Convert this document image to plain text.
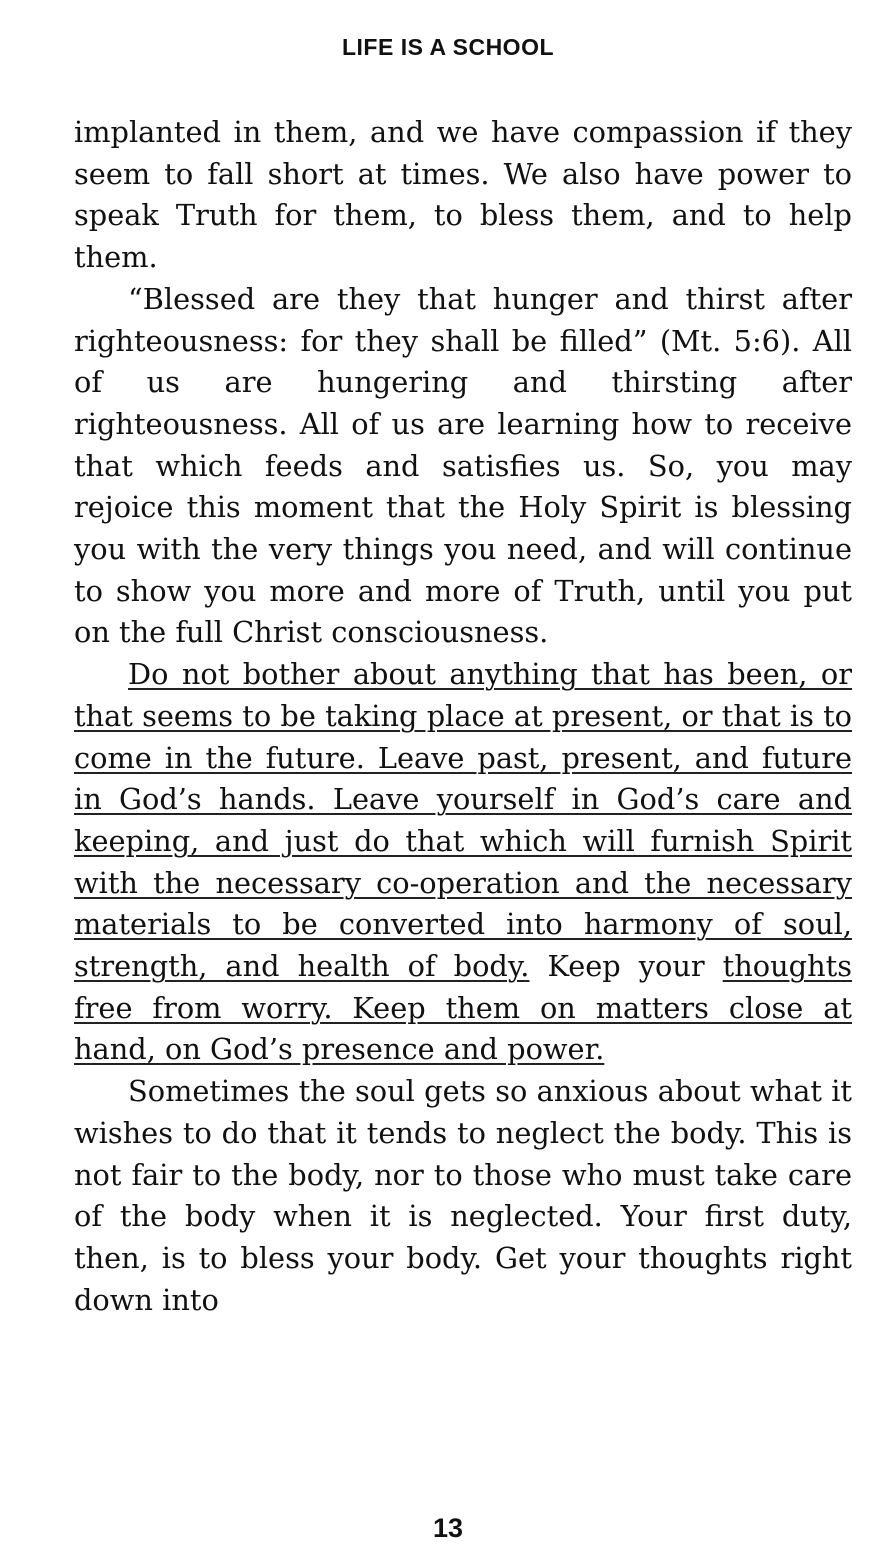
LIFE IS A SCHOOL

implanted in them, and we have compassion if they seem to fall short at times. We also have power to speak Truth for them, to bless them, and to help them.

“Blessed are they that hunger and thirst after righteousness: for they shall be filled” (Mt. 5:6). All of us are hungering and thirsting after righteousness. All of us are learning how to receive that which feeds and satisfies us. So, you may rejoice this moment that the Holy Spirit is blessing you with the very things you need, and will continue to show you more and more of Truth, until you put on the full Christ consciousness.

Do not bother about anything that has been, or that seems to be taking place at present, or that is to come in the future. Leave past, present, and future in God’s hands. Leave yourself in God’s care and keeping, and just do that which will furnish Spirit with the necessary co-operation and the necessary materials to be converted into harmony of soul, strength, and health of body. Keep your thoughts free from worry. Keep them on matters close at hand, on God’s presence and power.

Sometimes the soul gets so anxious about what it wishes to do that it tends to neglect the body. This is not fair to the body, nor to those who must take care of the body when it is neglected. Your first duty, then, is to bless your body. Get your thoughts right down into

13
